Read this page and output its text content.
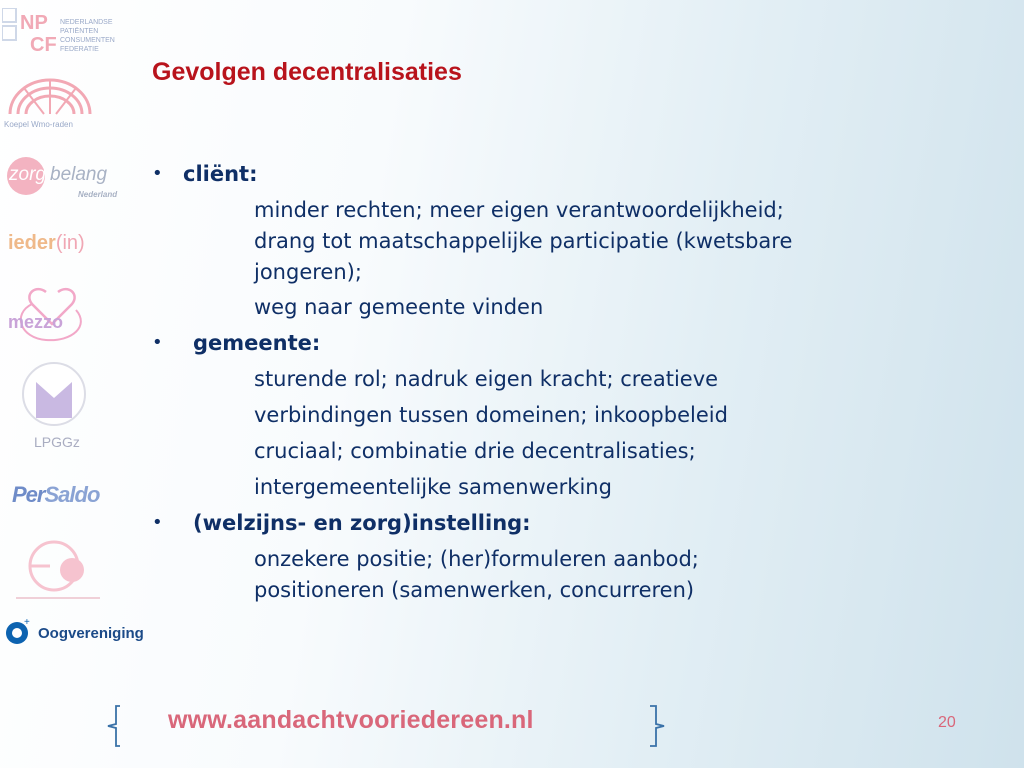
NP
CF
NEDERLANDSE
PATIËNTEN
CONSUMENTEN
FEDERATIE
Koepel Wmo-raden
zorg belang
Nederland
ieder(in)
mezzo
LPGGz
PerSaldo
+
Oogvereniging
Gevolgen decentralisaties
• cliënt:
minder rechten; meer eigen verantwoordelijkheid;
drang tot maatschappelijke participatie (kwetsbare
jongeren);
weg naar gemeente vinden
• gemeente:
sturende rol; nadruk eigen kracht; creatieve
verbindingen tussen domeinen; inkoopbeleid
cruciaal; combinatie drie decentralisaties;
intergemeentelijke samenwerking
• (welzijns- en zorg)instelling:
onzekere positie; (her)formuleren aanbod;
positioneren (samenwerken, concurreren)
www.aandachtvooriedereen.nl	20
